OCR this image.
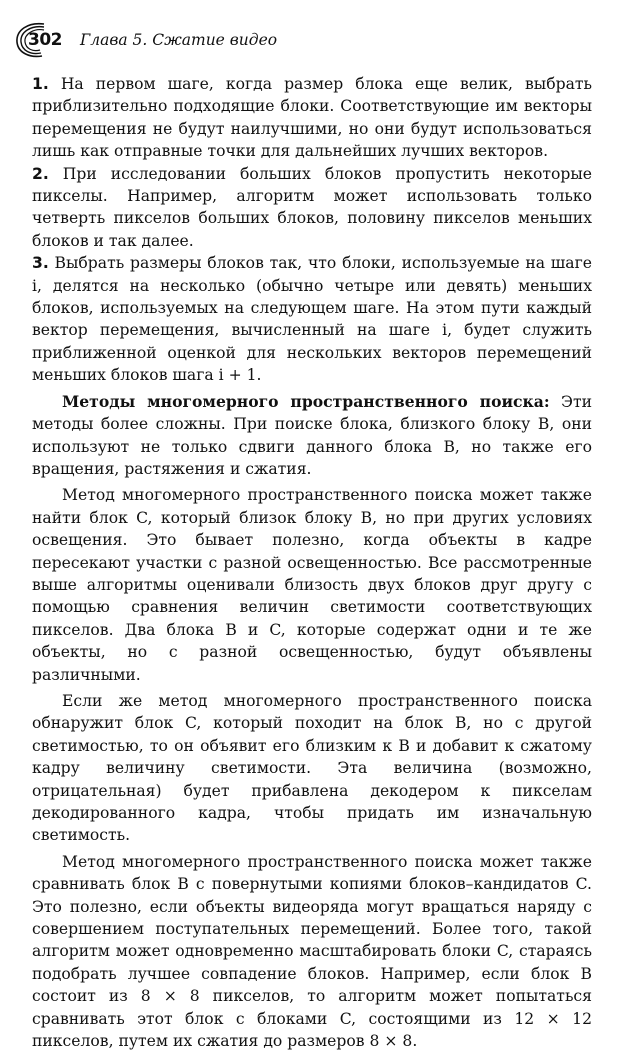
302 Глава 5. Сжатие видео

1. На первом шаге, когда размер блока еще велик, выбрать приблизительно подходящие блоки. Соответствующие им векторы перемещения не будут наилучшими, но они будут использоваться лишь как отправные точки для дальнейших лучших векторов.

2. При исследовании больших блоков пропустить некоторые пикселы. Например, алгоритм может использовать только четверть пикселов больших блоков, половину пикселов меньших блоков и так далее.

3. Выбрать размеры блоков так, что блоки, используемые на шаге i, делятся на несколько (обычно четыре или девять) меньших блоков, используемых на следующем шаге. На этом пути каждый вектор перемещения, вычисленный на шаге i, будет служить приближенной оценкой для нескольких векторов перемещений меньших блоков шага i + 1.

Методы многомерного пространственного поиска: Эти методы более сложны. При поиске блока, близкого блоку B, они используют не только сдвиги данного блока B, но также его вращения, растяжения и сжатия.

Метод многомерного пространственного поиска может также найти блок C, который близок блоку B, но при других условиях освещения. Это бывает полезно, когда объекты в кадре пересекают участки с разной освещенностью. Все рассмотренные выше алгоритмы оценивали близость двух блоков друг другу с помощью сравнения величин светимости соответствующих пикселов. Два блока B и C, которые содержат одни и те же объекты, но с разной освещенностью, будут объявлены различными.

Если же метод многомерного пространственного поиска обнаружит блок C, который походит на блок B, но с другой светимостью, то он объявит его близким к B и добавит к сжатому кадру величину светимости. Эта величина (возможно, отрицательная) будет прибавлена декодером к пикселам декодированного кадра, чтобы придать им изначальную светимость.

Метод многомерного пространственного поиска может также сравнивать блок B с повернутыми копиями блоков–кандидатов C. Это полезно, если объекты видеоряда могут вращаться наряду с совершением поступательных перемещений. Более того, такой алгоритм может одновременно масштабировать блоки C, стараясь подобрать лучшее совпадение блоков. Например, если блок B состоит из 8 × 8 пикселов, то алгоритм может попытаться сравнивать этот блок с блоками C, состоящими из 12 × 12 пикселов, путем их сжатия до размеров 8 × 8.
